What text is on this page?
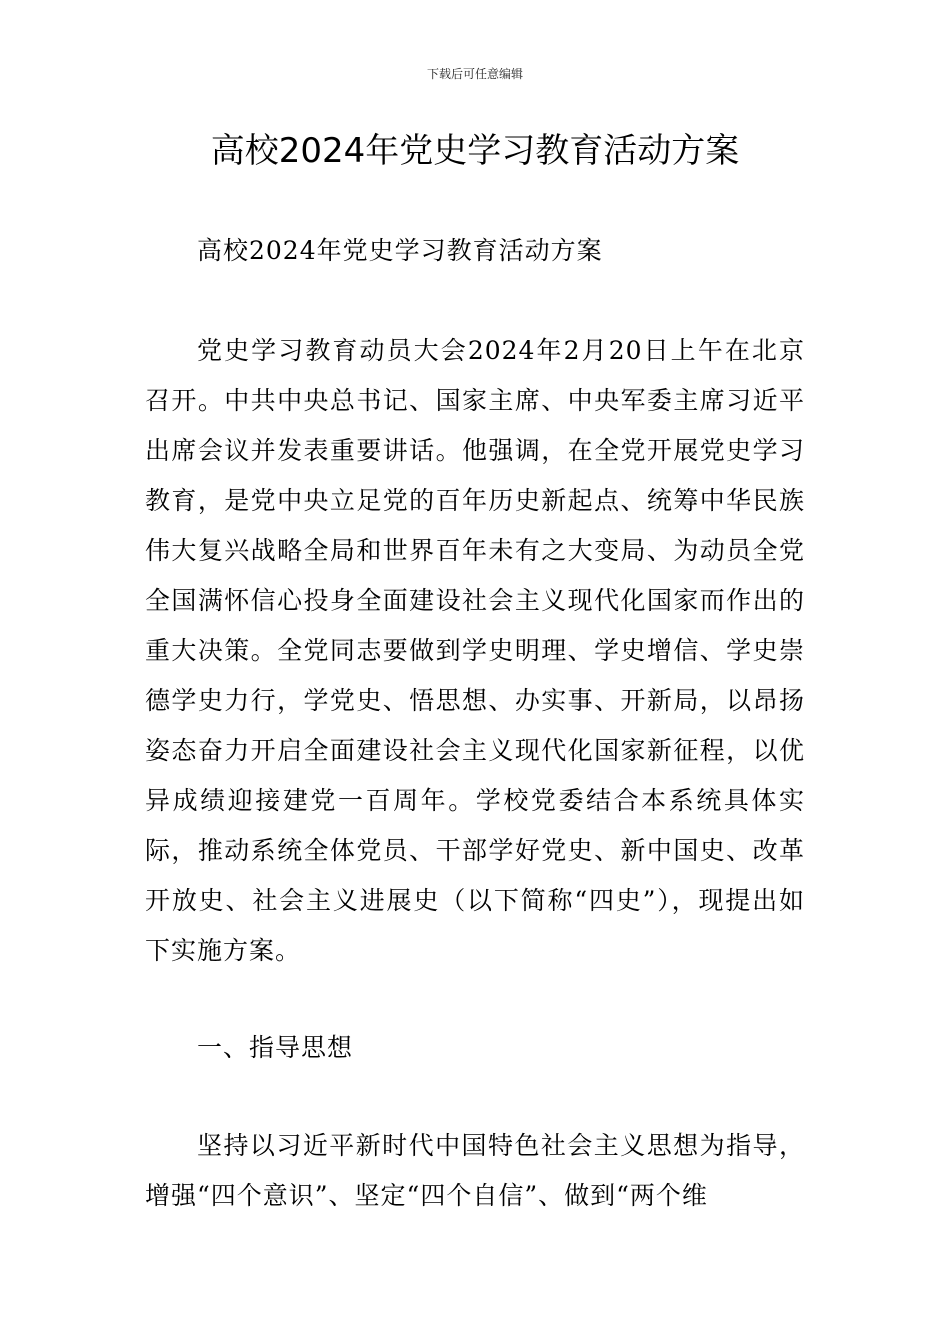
下载后可任意编辑
高校2024年党史学习教育活动方案

高校2024年党史学习教育活动方案

党史学习教育动员大会2024年2月20日上午在北京召开。中共中央总书记、国家主席、中央军委主席习近平出席会议并发表重要讲话。他强调，在全党开展党史学习教育，是党中央立足党的百年历史新起点、统筹中华民族伟大复兴战略全局和世界百年未有之大变局、为动员全党全国满怀信心投身全面建设社会主义现代化国家而作出的重大决策。全党同志要做到学史明理、学史增信、学史崇德学史力行，学党史、悟思想、办实事、开新局，以昂扬姿态奋力开启全面建设社会主义现代化国家新征程，以优异成绩迎接建党一百周年。学校党委结合本系统具体实际，推动系统全体党员、干部学好党史、新中国史、改革开放史、社会主义进展史（以下简称“四史”），现提出如下实施方案。

一、指导思想

坚持以习近平新时代中国特色社会主义思想为指导，增强“四个意识”、坚定“四个自信”、做到“两个维
